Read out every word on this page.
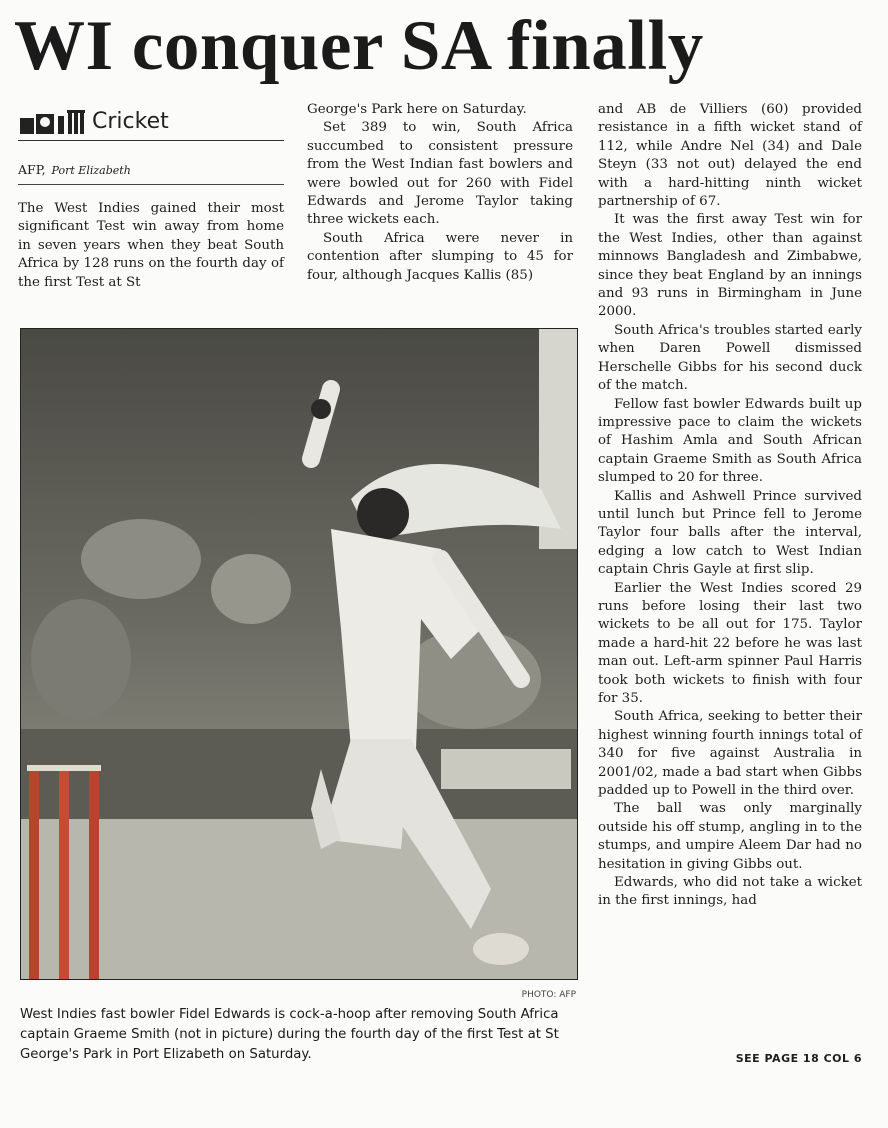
WI conquer SA finally
Cricket
AFP, Port Elizabeth

The West Indies gained their most significant Test win away from home in seven years when they beat South Africa by 128 runs on the fourth day of the first Test at St

George's Park here on Saturday.

Set 389 to win, South Africa succumbed to consistent pressure from the West Indian fast bowlers and were bowled out for 260 with Fidel Edwards and Jerome Taylor taking three wickets each.

South Africa were never in contention after slumping to 45 for four, although Jacques Kallis (85)

and AB de Villiers (60) provided resistance in a fifth wicket stand of 112, while Andre Nel (34) and Dale Steyn (33 not out) delayed the end with a hard-hitting ninth wicket partnership of 67.

It was the first away Test win for the West Indies, other than against minnows Bangladesh and Zimbabwe, since they beat England by an innings and 93 runs in Birmingham in June 2000.

South Africa's troubles started early when Daren Powell dismissed Herschelle Gibbs for his second duck of the match.

Fellow fast bowler Edwards built up impressive pace to claim the wickets of Hashim Amla and South African captain Graeme Smith as South Africa slumped to 20 for three.

Kallis and Ashwell Prince survived until lunch but Prince fell to Jerome Taylor four balls after the interval, edging a low catch to West Indian captain Chris Gayle at first slip.

Earlier the West Indies scored 29 runs before losing their last two wickets to be all out for 175. Taylor made a hard-hit 22 before he was last man out. Left-arm spinner Paul Harris took both wickets to finish with four for 35.

South Africa, seeking to better their highest winning fourth innings total of 340 for five against Australia in 2001/02, made a bad start when Gibbs padded up to Powell in the third over.

The ball was only marginally outside his off stump, angling in to the stumps, and umpire Aleem Dar had no hesitation in giving Gibbs out.

Edwards, who did not take a wicket in the first innings, had

PHOTO: AFP
West Indies fast bowler Fidel Edwards is cock-a-hoop after removing South Africa captain Graeme Smith (not in picture) during the fourth day of the first Test at St George's Park in Port Elizabeth on Saturday.	SEE PAGE 18 COL 6
